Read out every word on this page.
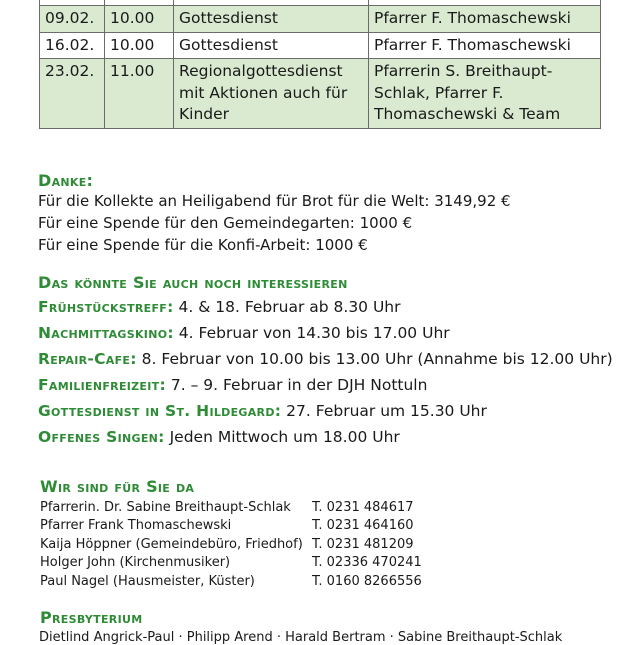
09.02.	10.00	Gottesdienst	Pfarrer F. Thomaschewski
16.02.	10.00	Gottesdienst	Pfarrer F. Thomaschewski
23.02.	11.00	Regionalgottesdienst mit Aktionen auch für Kinder	Pfarrerin S. Breithaupt-Schlak, Pfarrer F. Thomaschewski & Team
Danke:
Für die Kollekte an Heiligabend für Brot für die Welt: 3149,92 €
Für eine Spende für den Gemeindegarten: 1000 €
Für eine Spende für die Konfi-Arbeit: 1000 €
Das könnte Sie auch noch interessieren
Frühstückstreff: 4. & 18. Februar ab 8.30 Uhr
Nachmittagskino: 4. Februar von 14.30 bis 17.00 Uhr
Repair-Cafe: 8. Februar von 10.00 bis 13.00 Uhr (Annahme bis 12.00 Uhr)
Familienfreizeit: 7. – 9. Februar in der DJH Nottuln
Gottesdienst in St. Hildegard: 27. Februar um 15.30 Uhr
Offenes Singen: Jeden Mittwoch um 18.00 Uhr
Wir sind für Sie da
Pfarrerin. Dr. Sabine Breithaupt-Schlak	T. 0231 484617
Pfarrer Frank Thomaschewski	T. 0231 464160
Kaija Höppner (Gemeindebüro, Friedhof) T. 0231 481209
Holger John (Kirchenmusiker)	T. 02336 470241
Paul Nagel (Hausmeister, Küster)	T. 0160 8266556
Presbyterium
Dietlind Angrick-Paul · Philipp Arend · Harald Bertram · Sabine Breithaupt-Schlak
